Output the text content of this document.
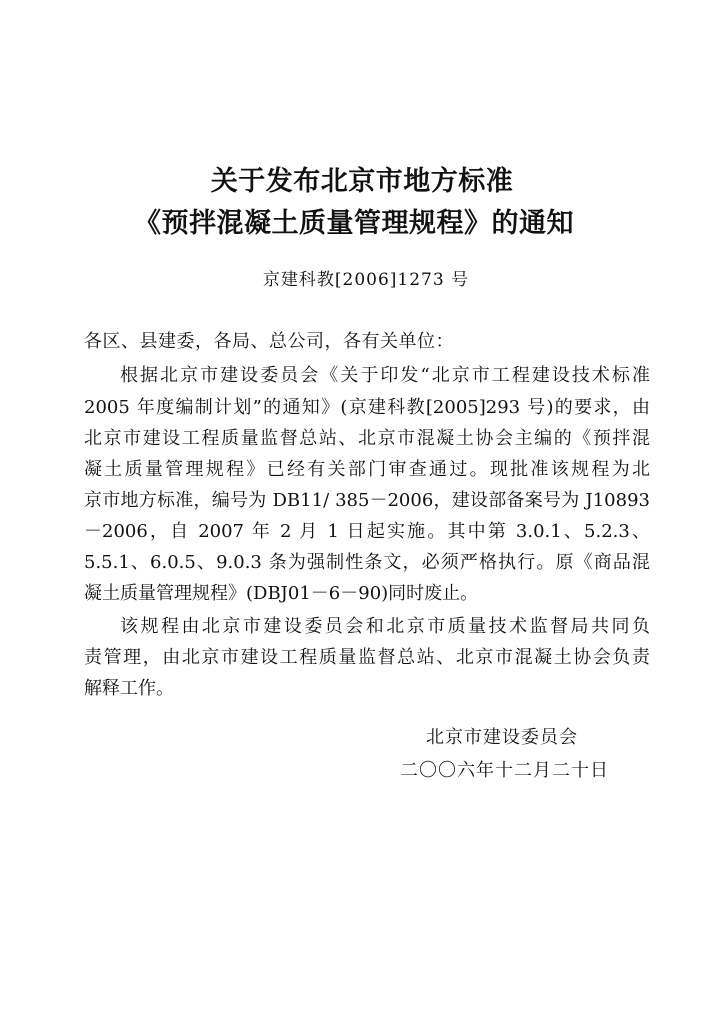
关于发布北京市地方标准
《预拌混凝土质量管理规程》的通知
京建科教[2006]1273 号
各区、县建委，各局、总公司，各有关单位：
根据北京市建设委员会《关于印发“北京市工程建设技术标准
2005 年度编制计划”的通知》(京建科教[2005]293 号)的要求，由
北京市建设工程质量监督总站、北京市混凝土协会主编的《预拌混
凝土质量管理规程》已经有关部门审查通过。现批准该规程为北
京市地方标准，编号为 DB11/ 385－2006，建设部备案号为 J10893
－2006，自 2007 年 2 月 1 日起实施。其中第 3.0.1、5.2.3、
5.5.1、6.0.5、9.0.3 条为强制性条文，必须严格执行。原《商品混
凝土质量管理规程》(DBJ01－6－90)同时废止。
该规程由北京市建设委员会和北京市质量技术监督局共同负
责管理，由北京市建设工程质量监督总站、北京市混凝土协会负责
解释工作。
北京市建设委员会
二〇〇六年十二月二十日
